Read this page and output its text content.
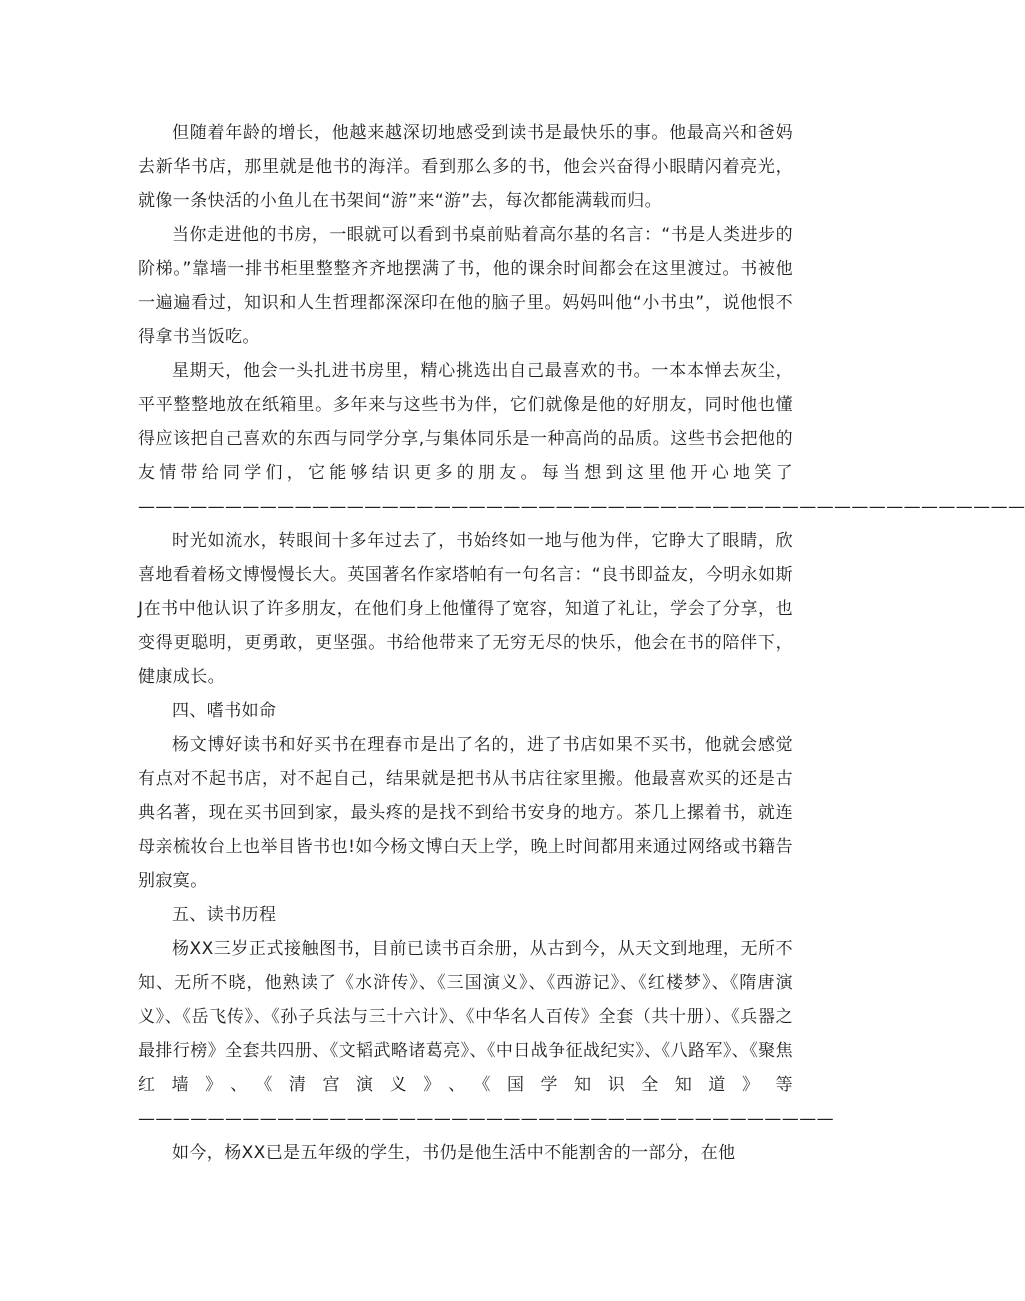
但随着年龄的增长，他越来越深切地感受到读书是最快乐的事。他最高兴和爸妈去新华书店，那里就是他书的海洋。看到那么多的书，他会兴奋得小眼睛闪着亮光，就像一条快活的小鱼儿在书架间“游”来“游”去，每次都能满载而归。

当你走进他的书房，一眼就可以看到书桌前贴着高尔基的名言：“书是人类进步的阶梯。”靠墙一排书柜里整整齐齐地摆满了书，他的课余时间都会在这里渡过。书被他一遍遍看过，知识和人生哲理都深深印在他的脑子里。妈妈叫他“小书虫”，说他恨不得拿书当饭吃。

星期天，他会一头扎进书房里，精心挑选出自己最喜欢的书。一本本惮去灰尘，平平整整地放在纸箱里。多年来与这些书为伴，它们就像是他的好朋友，同时他也懂得应该把自己喜欢的东西与同学分享,与集体同乐是一种高尚的品质。这些书会把他的友情带给同学们，它能够结识更多的朋友。每当想到这里他开心地笑了———————————————————————————————————————————————————

时光如流水，转眼间十多年过去了，书始终如一地与他为伴，它睁大了眼睛，欣喜地看着杨文博慢慢长大。英国著名作家塔帕有一句名言：“良书即益友，今明永如斯J在书中他认识了许多朋友，在他们身上他懂得了宽容，知道了礼让，学会了分享，也变得更聪明，更勇敢，更坚强。书给他带来了无穷无尽的快乐，他会在书的陪伴下，健康成长。

四、嗜书如命

杨文博好读书和好买书在理春市是出了名的，进了书店如果不买书，他就会感觉有点对不起书店，对不起自己，结果就是把书从书店往家里搬。他最喜欢买的还是古典名著，现在买书回到家，最头疼的是找不到给书安身的地方。茶几上摞着书，就连母亲梳妆台上也举目皆书也!如今杨文博白天上学，晚上时间都用来通过网络或书籍告别寂寞。

五、读书历程

杨XX三岁正式接触图书，目前已读书百余册，从古到今，从天文到地理，无所不知、无所不晓，他熟读了《水浒传》、《三国演义》、《西游记》、《红楼梦》、《隋唐演义》、《岳飞传》、《孙子兵法与三十六计》、《中华名人百传》全套（共十册）、《兵器之最排行榜》全套共四册、《文韬武略诸葛亮》、《中日战争征战纪实》、《八路军》、《聚焦红墙》、《清宫演义》、《国学知识全知道》等 ————————————————————————————————————————

如今，杨XX已是五年级的学生，书仍是他生活中不能割舍的一部分，在他
